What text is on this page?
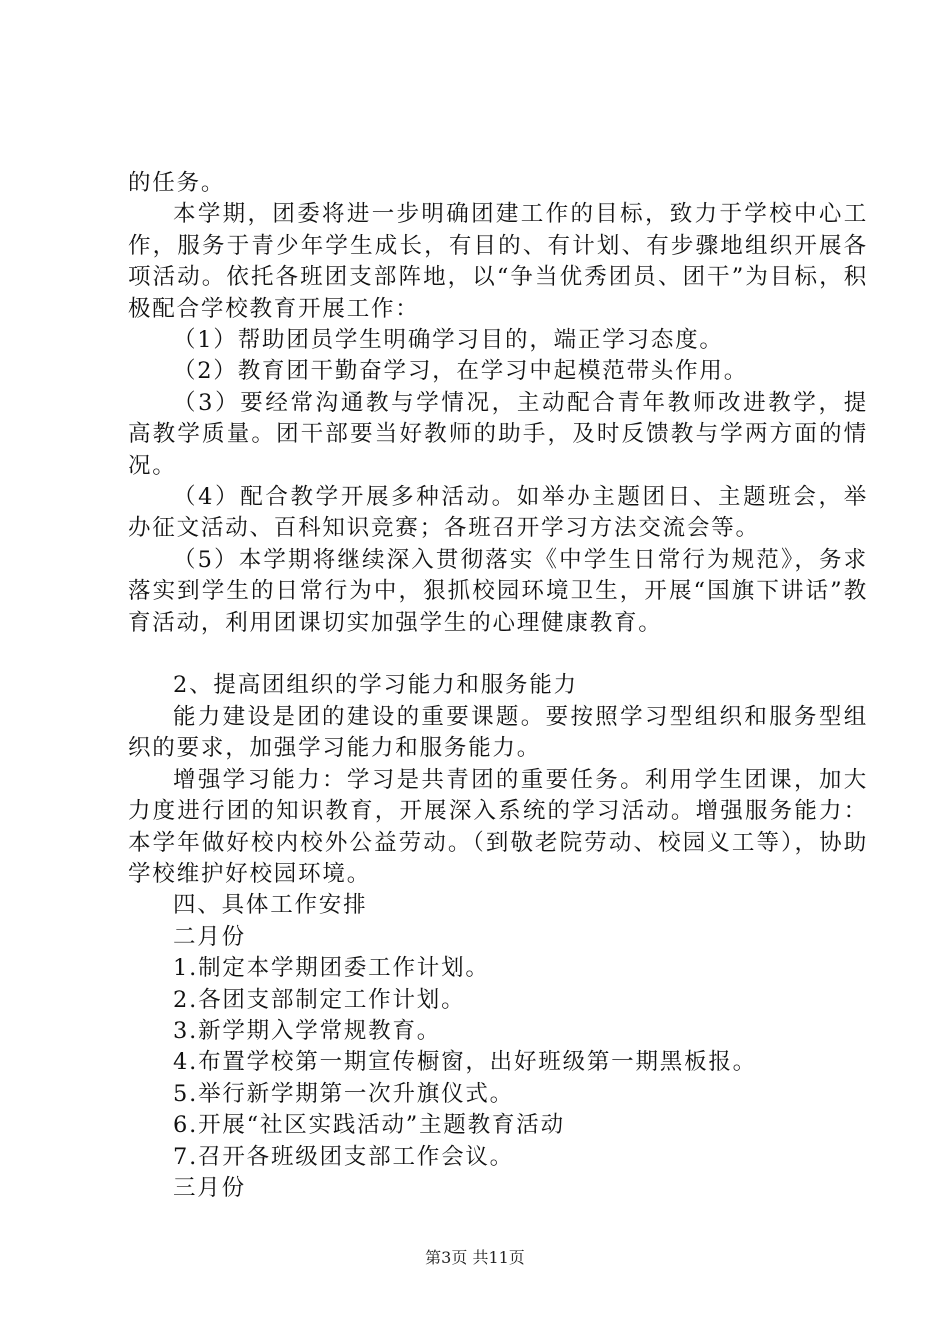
的任务。

本学期，团委将进一步明确团建工作的目标，致力于学校中心工作，服务于青少年学生成长，有目的、有计划、有步骤地组织开展各项活动。依托各班团支部阵地，以“争当优秀团员、团干”为目标，积极配合学校教育开展工作：

（1）帮助团员学生明确学习目的，端正学习态度。

（2）教育团干勤奋学习，在学习中起模范带头作用。

（3）要经常沟通教与学情况，主动配合青年教师改进教学，提高教学质量。团干部要当好教师的助手，及时反馈教与学两方面的情况。

（4）配合教学开展多种活动。如举办主题团日、主题班会，举办征文活动、百科知识竞赛；各班召开学习方法交流会等。

（5）本学期将继续深入贯彻落实《中学生日常行为规范》，务求落实到学生的日常行为中，狠抓校园环境卫生，开展“国旗下讲话”教育活动，利用团课切实加强学生的心理健康教育。

2、提高团组织的学习能力和服务能力

能力建设是团的建设的重要课题。要按照学习型组织和服务型组织的要求，加强学习能力和服务能力。

增强学习能力：学习是共青团的重要任务。利用学生团课，加大力度进行团的知识教育，开展深入系统的学习活动。增强服务能力：本学年做好校内校外公益劳动。（到敬老院劳动、校园义工等），协助学校维护好校园环境。

四、具体工作安排

二月份

1.制定本学期团委工作计划。

2.各团支部制定工作计划。

3.新学期入学常规教育。

4.布置学校第一期宣传橱窗，出好班级第一期黑板报。

5.举行新学期第一次升旗仪式。

6.开展“社区实践活动”主题教育活动

7.召开各班级团支部工作会议。

三月份

第3页 共11页
